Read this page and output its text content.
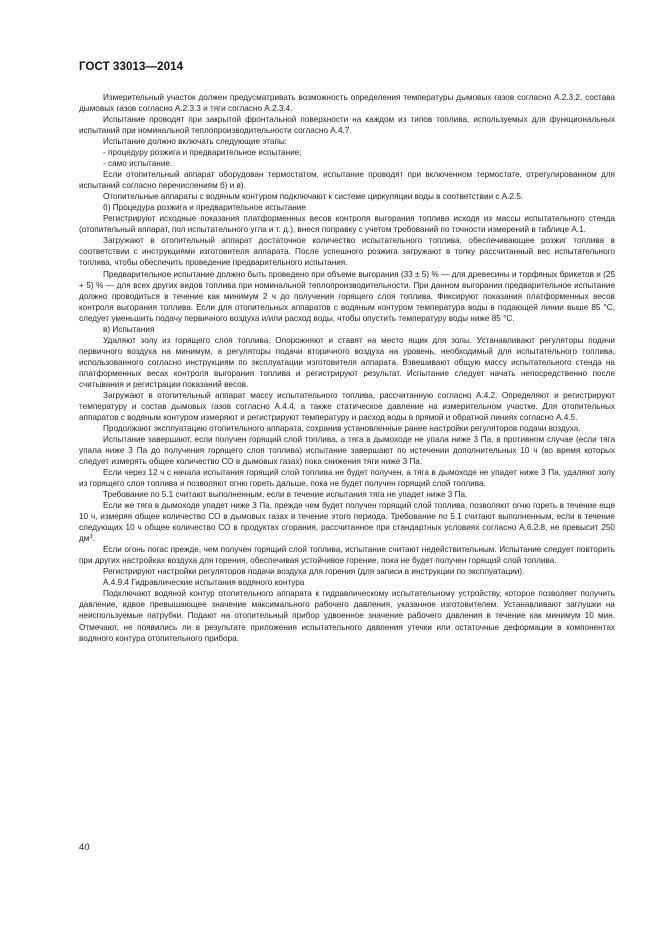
ГОСТ 33013—2014

Измерительный участок должен предусматривать возможность определения температуры дымовых газов согласно А.2.3.2, состава дымовых газов согласно А.2.3.3 и тяги согласно А.2.3.4.

Испытание проводят при закрытой фронтальной поверхности на каждом из типов топлива, используемых для функциональных испытаний при номинальной теплопроизводительности согласно А.4.7.

Испытание должно включать следующие этапы:

- процедуру розжига и предварительное испытание;

- само испытание.

Если отопительный аппарат оборудован термостатом, испытание проводят при включенном термостате, отрегулированном для испытаний согласно перечислениям б) и в).

Отопительные аппараты с водяным контуром подключают к системе циркуляции воды в соответствии с А.2.5.

б) Процедура розжига и предварительное испытание

Регистрируют исходные показания платформенных весов контроля выгорания топлива исходя из массы испытательного стенда (отопительный аппарат, пол испытательного угла и т. д.), внеся поправку с учетом требований по точности измерений в таблице А.1.

Загружают в отопительный аппарат достаточное количество испытательного топлива, обеспечивающее розжиг топлива в соответствии с инструкциями изготовителя аппарата. После успешного розжига загружают в топку рассчитанный вес испытательного топлива, чтобы обеспечить проведение предварительного испытания.

Предварительное испытание должно быть проведено при объеме выгорания (33 ± 5) % — для древесины и торфяных брикетов и (25 + 5) % — для всех других видов топлива при номинальной теплопроизводительности. При данном выгорании предварительное испытание должно проводиться в течение как минимум 2 ч до получения горящего слоя топлива. Фиксируют показания платформенных весов контроля выгорания топлива. Если для отопительных аппаратов с водяным контуром температура воды в подающей линии выше 85 °С, следует уменьшить подачу первичного воздуха и/или расход воды, чтобы опустить температуру воды ниже 85 °С.

в) Испытания

Удаляют золу из горящего слоя топлива. Опорожняют и ставят на место ящик для золы. Устанавливают регуляторы подачи первичного воздуха на минимум, а регуляторы подачи вторичного воздуха на уровень, необходимый для испытательного топлива, использованного согласно инструкциям по эксплуатации изготовителя аппарата. Взвешивают общую массу испытательного стенда на платформенных весах контроля выгорания топлива и регистрируют результат. Испытание следует начать непосредственно после считывания и регистрации показаний весов.

Загружают в отопительный аппарат массу испытательного топлива, рассчитанную согласно А.4.2. Определяют и регистрируют температуру и состав дымовых газов согласно А.4.4, а также статическое давление на измерительном участке. Для отопительных аппаратов с водяным контуром измеряют и регистрируют температуру и расход воды в прямой и обратной линиях согласно А.4.5.

Продолжают эксплуатацию отопительного аппарата, сохранив установленные ранее настройки регуляторов подачи воздуха.

Испытание завершают, если получен горящий слой топлива, а тяга в дымоходе не упала ниже 3 Па, в противном случае (если тяга упала ниже 3 Па до получения горящего слоя топлива) испытание завершают по истечении дополнительных 10 ч (во время которых следует измерять общее количество СО в дымовых газах) пока снижения тяги ниже 3 Па.

Если через 12 ч с начала испытания горящий слой топлива не будет получен, а тяга в дымоходе не упадет ниже 3 Па, удаляют золу из горящего слоя топлива и позволяют огню гореть дальше, пока не будет получен горящий слой топлива.

Требование по 5.1 считают выполненным, если в течение испытания тяга не упадет ниже 3 Па.

Если же тяга в дымоходе упадет ниже 3 Па, прежде чем будет получен горящий слой топлива, позволяют огню гореть в течение еще 10 ч, измеряя общее количество СО в дымовых газах в течение этого периода. Требование по 5.1 считают выполненным, если в течение следующих 10 ч общее количество СО в продуктах сгорания, рассчитанное при стандартных условиях согласно А.6.2.8, не превысит 250 $дм^3$.

Если огонь погас прежде, чем получен горящий слой топлива, испытание считают недействительным. Испытание следует повторить при других настройках воздуха для горения, обеспечивая устойчивое горение, пока не будет получен горящий слой топлива.

Регистрируют настройки регуляторов подачи воздуха для горения (для записи в инструкции по эксплуатации).

А.4.9.4 Гидравлические испытания водяного контура

Подключают водяной контур отопительного аппарата к гидравлическому испытательному устройству, которое позволяет получить давление, вдвое превышающее значение максимального рабочего давления, указанное изготовителем. Устанавливают заглушки на неиспользуемые патрубки. Подают на отопительный прибор удвоенное значение рабочего давления в течение как минимум 10 мин. Отмечают, не появились ли в результате приложения испытательного давления утечки или остаточные деформации в компонентах водяного контура отопительного прибора.

40
